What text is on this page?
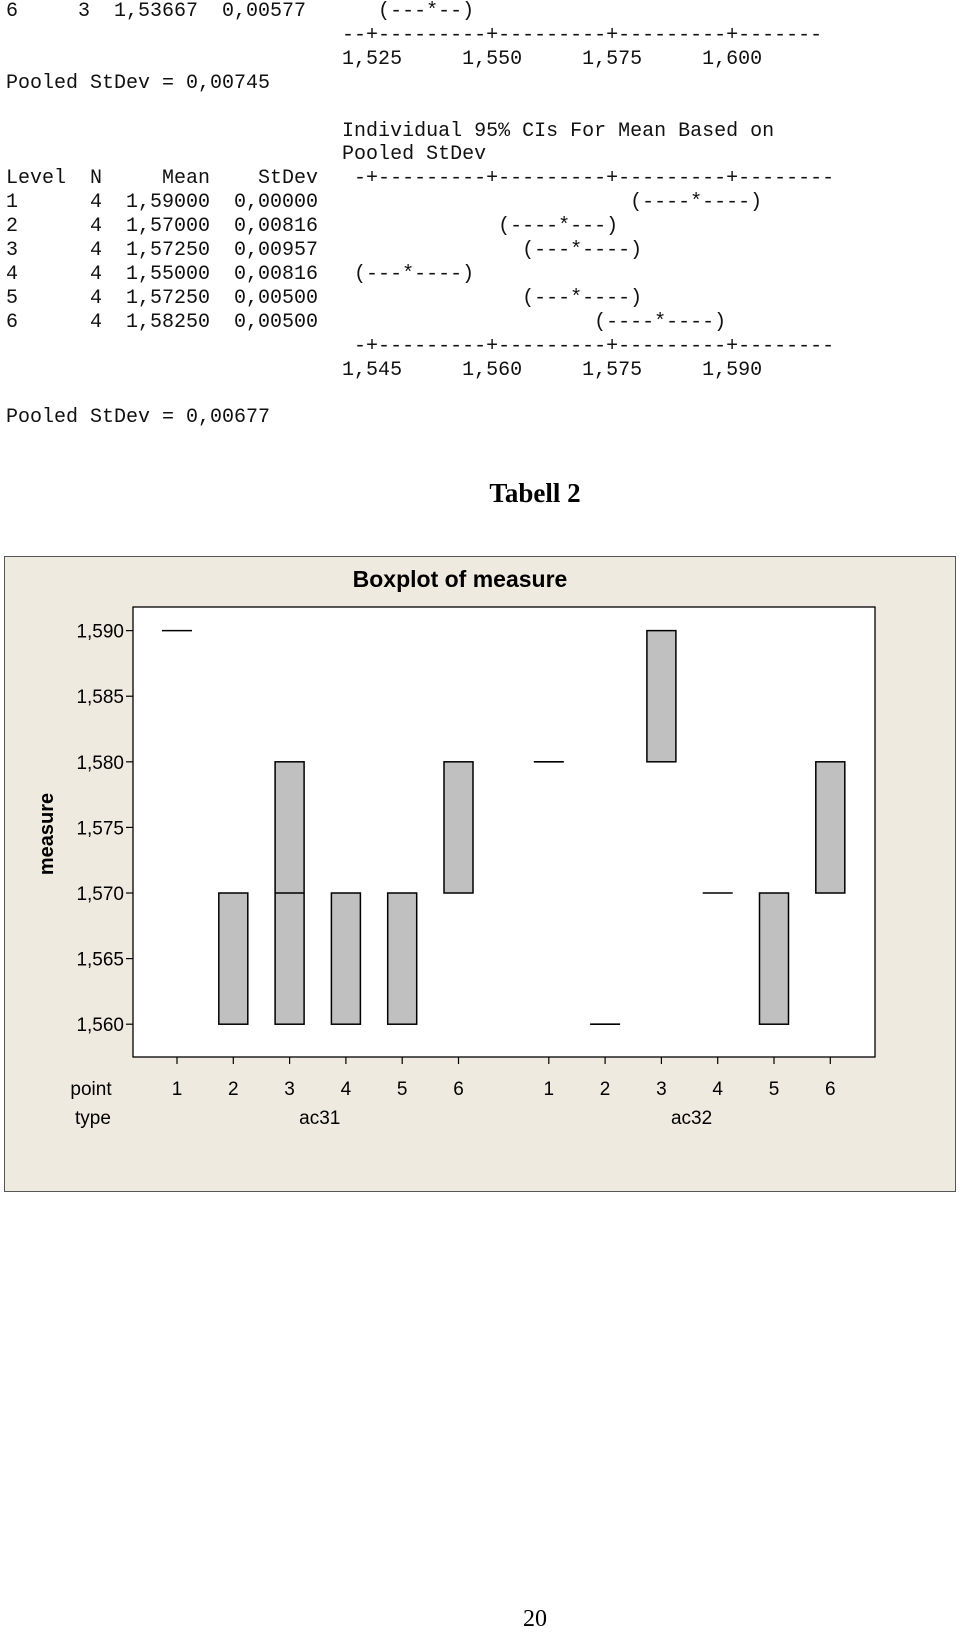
6     3  1,53667  0,00577      (---*--)
--+---------+---------+---------+-------
1,525     1,550     1,575     1,600
Pooled StDev = 0,00745

Individual 95% CIs For Mean Based on
Pooled StDev
Level  N     Mean    StDev   -+---------+---------+---------+--------
1      4  1,59000  0,00000                          (----*----)
2      4  1,57000  0,00816               (----*---)
3      4  1,57250  0,00957                 (---*----)
4      4  1,55000  0,00816   (---*----)
5      4  1,57250  0,00500                 (---*----)
6      4  1,58250  0,00500                       (----*----)
-+---------+---------+---------+--------
1,545     1,560     1,575     1,590

Pooled StDev = 0,00677

Tabell 2
Boxplot of measure
measure
1,560
1,565
1,570
1,575
1,580
1,585
1,590
point
type
1 2 3 4 5 6
ac31
1 2 3 4 5 6
ac32
20
